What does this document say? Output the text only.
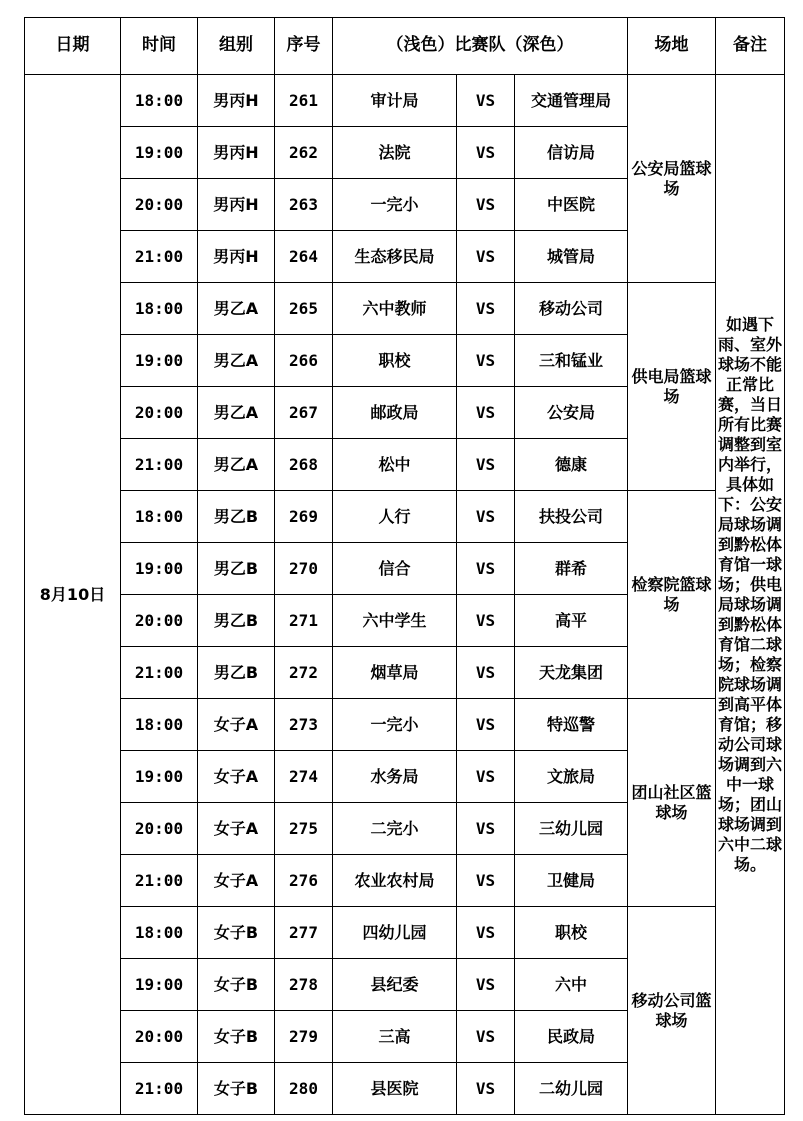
日期	时间	组别	序号	（浅色）比赛队（深色）			场地	备注
8月10日	18:00	男丙H	261	审计局	VS	交通管理局	公安局篮球场	如遇下雨、室外球场不能正常比赛，当日所有比赛调整到室内举行，具体如下：公安局球场调到黔松体育馆一球场；供电局球场调到黔松体育馆二球场；检察院球场调到高平体育馆；移动公司球场调到六中一球场；团山球场调到六中二球场。
	19:00	男丙H	262	法院	VS	信访局		
	20:00	男丙H	263	一完小	VS	中医院		
	21:00	男丙H	264	生态移民局	VS	城管局		
	18:00	男乙A	265	六中教师	VS	移动公司	供电局篮球场	
	19:00	男乙A	266	职校	VS	三和锰业		
	20:00	男乙A	267	邮政局	VS	公安局		
	21:00	男乙A	268	松中	VS	德康		
	18:00	男乙B	269	人行	VS	扶投公司	检察院篮球场	
	19:00	男乙B	270	信合	VS	群希		
	20:00	男乙B	271	六中学生	VS	高平		
	21:00	男乙B	272	烟草局	VS	天龙集团		
	18:00	女子A	273	一完小	VS	特巡警	团山社区篮球场	
	19:00	女子A	274	水务局	VS	文旅局		
	20:00	女子A	275	二完小	VS	三幼儿园		
	21:00	女子A	276	农业农村局	VS	卫健局		
	18:00	女子B	277	四幼儿园	VS	职校	移动公司篮球场	
	19:00	女子B	278	县纪委	VS	六中		
	20:00	女子B	279	三高	VS	民政局		
	21:00	女子B	280	县医院	VS	二幼儿园		
